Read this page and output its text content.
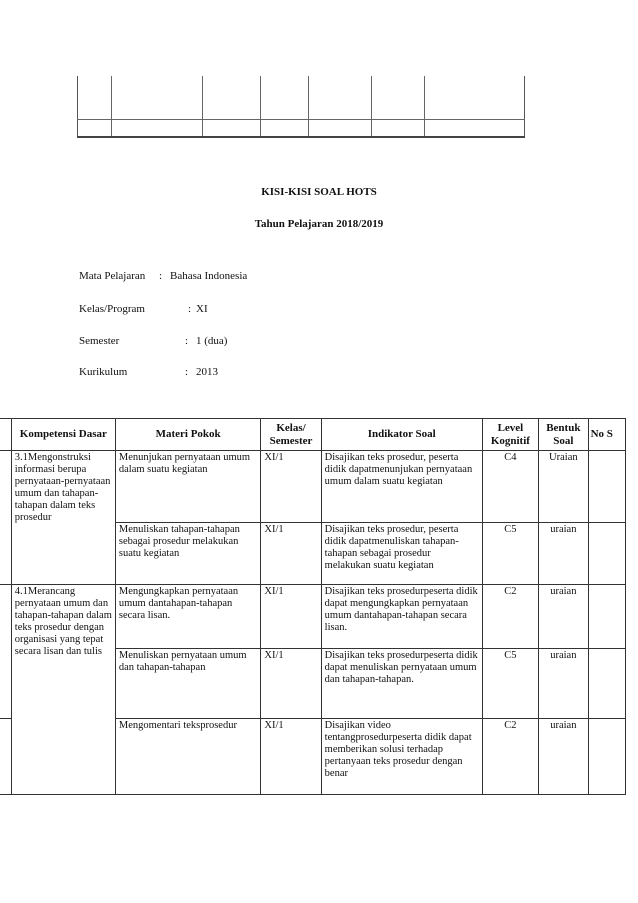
KISI-KISI SOAL HOTS
Tahun Pelajaran 2018/2019
Mata Pelajaran : Bahasa Indonesia
Kelas/Program	: XI
Semester	: 1 (dua)
Kurikulum	: 2013
	Kompetensi Dasar	Materi Pokok	Kelas/ Semester	Indikator Soal	Level Kognitif	Bentuk Soal	No S
	3.1Mengonstruksi informasi berupa pernyataan-pernyataan umum dan tahapan-tahapan dalam teks prosedur	Menunjukan pernyataan umum dalam suatu kegiatan	XI/1	Disajikan teks prosedur, peserta didik dapatmenunjukan pernyataan umum dalam suatu kegiatan	C4	Uraian	
		Menuliskan tahapan-tahapan sebagai prosedur melakukan suatu kegiatan	XI/1	Disajikan teks prosedur, peserta didik dapatmenuliskan tahapan-tahapan sebagai prosedur melakukan suatu kegiatan	C5	uraian	
	4.1Merancang pernyataan umum dan tahapan-tahapan dalam teks prosedur dengan organisasi yang tepat secara lisan dan tulis	Mengungkapkan pernyataan umum dantahapan-tahapan secara lisan.	XI/1	Disajikan teks prosedurpeserta didik dapat mengungkapkan pernyataan umum dantahapan-tahapan secara lisan.	C2	uraian	
		Menuliskan pernyataan umum dan tahapan-tahapan	XI/1	Disajikan teks prosedurpeserta didik dapat menuliskan pernyataan umum dan tahapan-tahapan.	C5	uraian	
		Mengomentari teksprosedur	XI/1	Disajikan video tentangprosedurpeserta didik dapat memberikan solusi terhadap pertanyaan teks prosedur dengan benar	C2	uraian	
